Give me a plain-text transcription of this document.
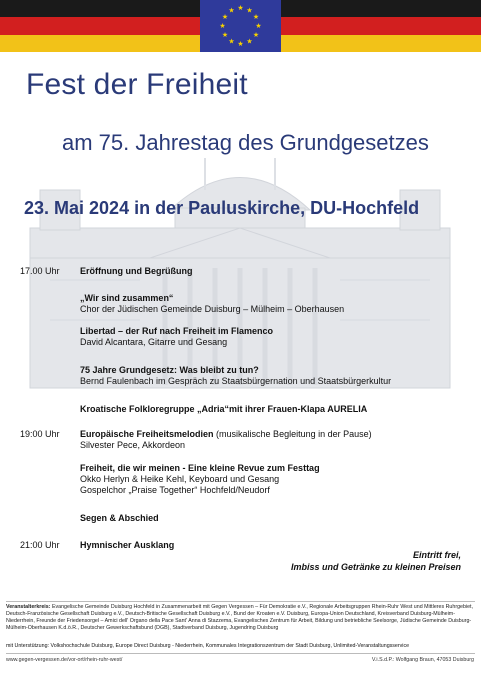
★ ★
★
★
★
★
★
★
★
★
★
★
Fest der Freiheit
am 75. Jahrestag des Grundgesetzes
23. Mai 2024 in der Pauluskirche, DU-Hochfeld
17.00 Uhr	Eröffnung und Begrüßung
„Wir sind zusammen“
Chor der Jüdischen Gemeinde Duisburg – Mülheim – Oberhausen
Libertad – der Ruf nach Freiheit im Flamenco
David Alcantara, Gitarre und Gesang
75 Jahre Grundgesetz: Was bleibt zu tun?
Bernd Faulenbach im Gespräch zu Staatsbürgernation und Staatsbürgerkultur
Kroatische Folkloregruppe „Adria“mit ihrer Frauen-Klapa AURELIA
19:00 Uhr	Europäische Freiheitsmelodien (musikalische Begleitung in der Pause)
Silvester Pece, Akkordeon
Freiheit, die wir meinen - Eine kleine Revue zum Festtag
Okko Herlyn & Heike Kehl, Keyboard und Gesang
Gospelchor „Praise Together“ Hochfeld/Neudorf
Segen & Abschied
21:00 Uhr	Hymnischer Ausklang
Eintritt frei,
Imbiss und Getränke zu kleinen Preisen
Veranstalterkreis: Evangelische Gemeinde Duisburg Hochfeld in Zusammenarbeit mit Gegen Vergessen – Für Demokratie e.V., Regionale Arbeitsgruppen Rhein-Ruhr West und Mittleres Ruhrgebiet, Deutsch-Französische Gesellschaft Duisburg e.V., Deutsch-Britische Gesellschaft Duisburg e.V., Bund der Kroaten e.V. Duisburg, Europa-Union Deutschland, Kreisverband Duisburg-Mülheim-Niederrhein, Freunde der Friedensorgel – Amici dell' Organo della Pace Sant' Anna di Stazzema, Evangelisches Zentrum für Arbeit, Bildung und betriebliche Seelsorge, Jüdische Gemeinde Duisburg-Mülheim-Oberhausen K.d.ö.R., Deutscher Gewerkschaftsbund (DGB), Stadtverband Duisburg, Jugendring Duisburg
mit Unterstützung: Volkshochschule Duisburg, Europe Direct Duisburg - Niederrhein, Kommunales Integrationszentrum der Stadt Duisburg, Unlimited-Veranstaltungsservice
www.gegen-vergessen.de/vor-ort/rhein-ruhr-west/	V.i.S.d.P.: Wolfgang Braun, 47053 Duisburg
